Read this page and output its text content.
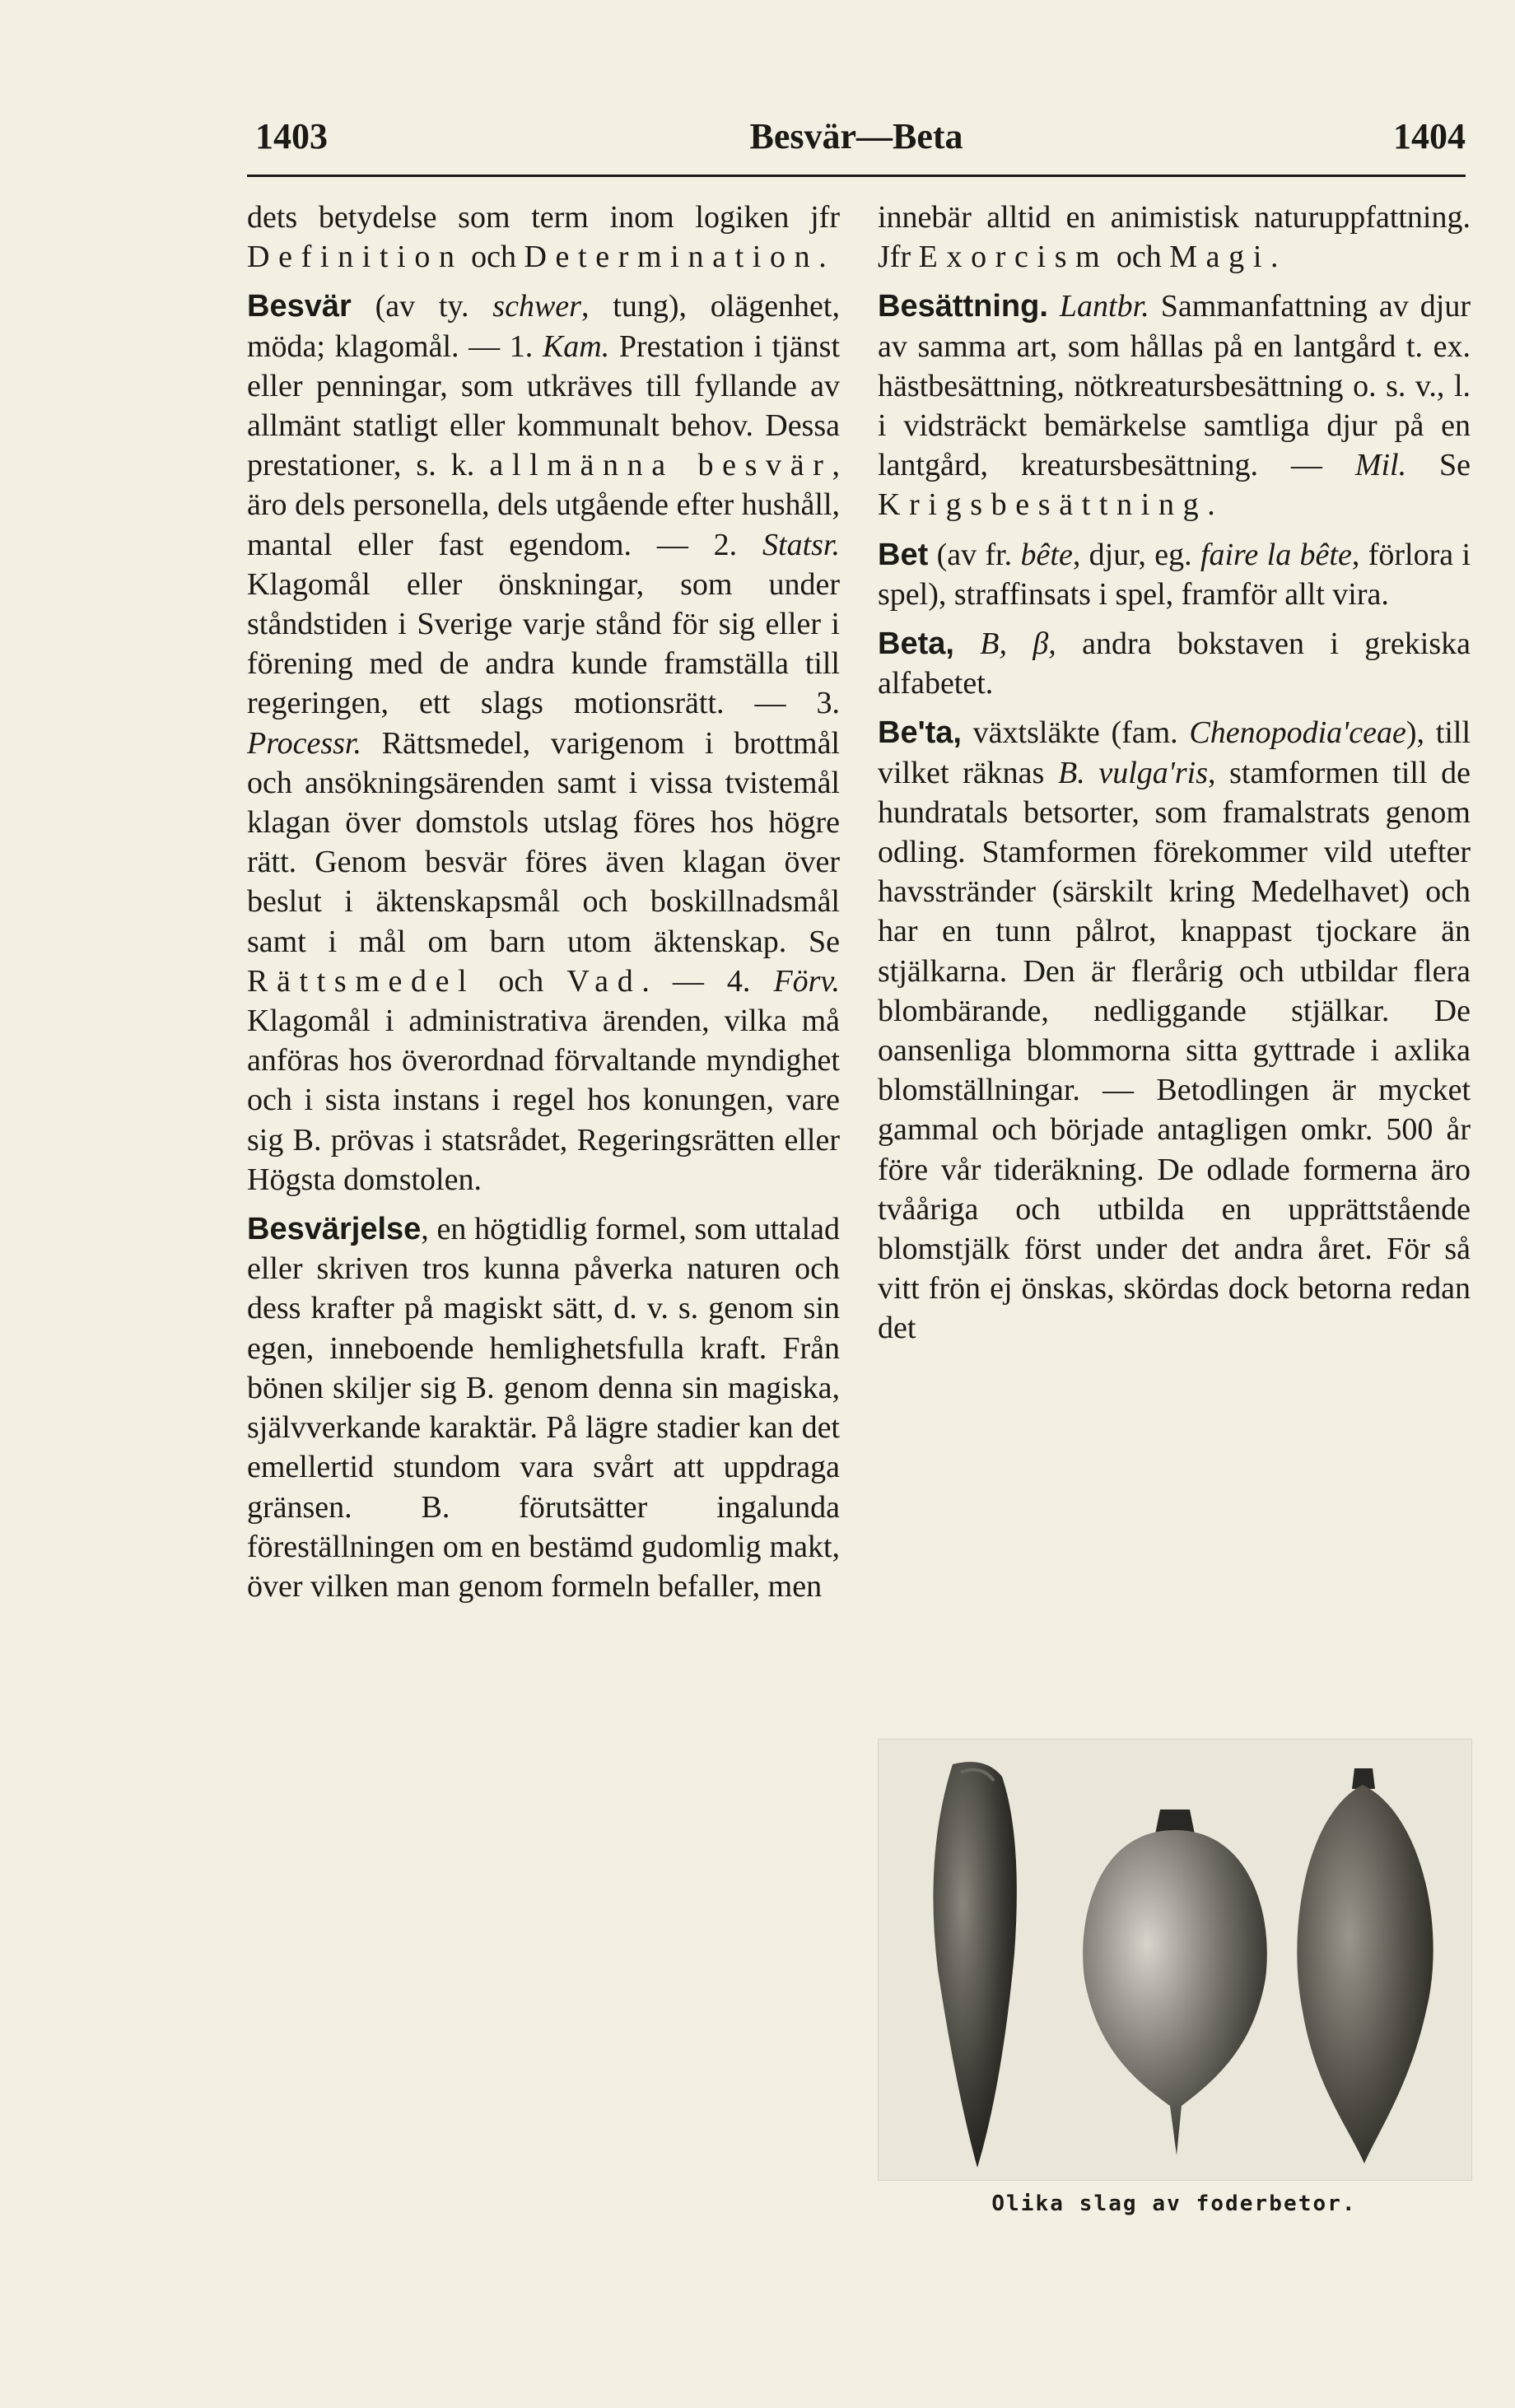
1403	Besvär—Beta	1404

dets betydelse som term inom logiken jfr Definition och Determination.

Besvär (av ty. schwer, tung), olägenhet, möda; klagomål. — 1. Kam. Prestation i tjänst eller penningar, som utkräves till fyllande av allmänt statligt eller kommunalt behov. Dessa prestationer, s. k. allmänna besvär, äro dels personella, dels utgående efter hushåll, mantal eller fast egendom. — 2. Statsr. Klagomål eller önskningar, som under ståndstiden i Sverige varje stånd för sig eller i förening med de andra kunde framställa till regeringen, ett slags motionsrätt. — 3. Processr. Rättsmedel, varigenom i brottmål och ansökningsärenden samt i vissa tvistemål klagan över domstols utslag föres hos högre rätt. Genom besvär föres även klagan över beslut i äktenskapsmål och boskillnadsmål samt i mål om barn utom äktenskap. Se Rättsmedel och Vad. — 4. Förv. Klagomål i administrativa ärenden, vilka må anföras hos överordnad förvaltande myndighet och i sista instans i regel hos konungen, vare sig B. prövas i statsrådet, Regeringsrätten eller Högsta domstolen.

Besvärjelse, en högtidlig formel, som uttalad eller skriven tros kunna påverka naturen och dess krafter på magiskt sätt, d. v. s. genom sin egen, inneboende hemlighetsfulla kraft. Från bönen skiljer sig B. genom denna sin magiska, självverkande karaktär. På lägre stadier kan det emellertid stundom vara svårt att uppdraga gränsen. B. förutsätter ingalunda föreställningen om en bestämd gudomlig makt, över vilken man genom formeln befaller, men

innebär alltid en animistisk naturuppfattning. Jfr Exorcism och Magi.

Besättning. Lantbr. Sammanfattning av djur av samma art, som hållas på en lantgård t. ex. hästbesättning, nötkreatursbesättning o. s. v., l. i vidsträckt bemärkelse samtliga djur på en lantgård, kreatursbesättning. — Mil. Se Krigsbesättning.

Bet (av fr. bête, djur, eg. faire la bête, förlora i spel), straffinsats i spel, framför allt vira.

Beta, B, β, andra bokstaven i grekiska alfabetet.

Be'ta, växtsläkte (fam. Chenopodia'ceae), till vilket räknas B. vulga'ris, stamformen till de hundratals betsorter, som framalstrats genom odling. Stamformen förekommer vild utefter havsstränder (särskilt kring Medelhavet) och har en tunn pålrot, knappast tjockare än stjälkarna. Den är flerårig och utbildar flera blombärande, nedliggande stjälkar. De oansenliga blommorna sitta gyttrade i axlika blomställningar. — Betodlingen är mycket gammal och började antagligen omkr. 500 år före vår tideräkning. De odlade formerna äro tvååriga och utbilda en upprättstående blomstjälk först under det andra året. För så vitt frön ej önskas, skördas dock betorna redan det

Olika slag av foderbetor.
